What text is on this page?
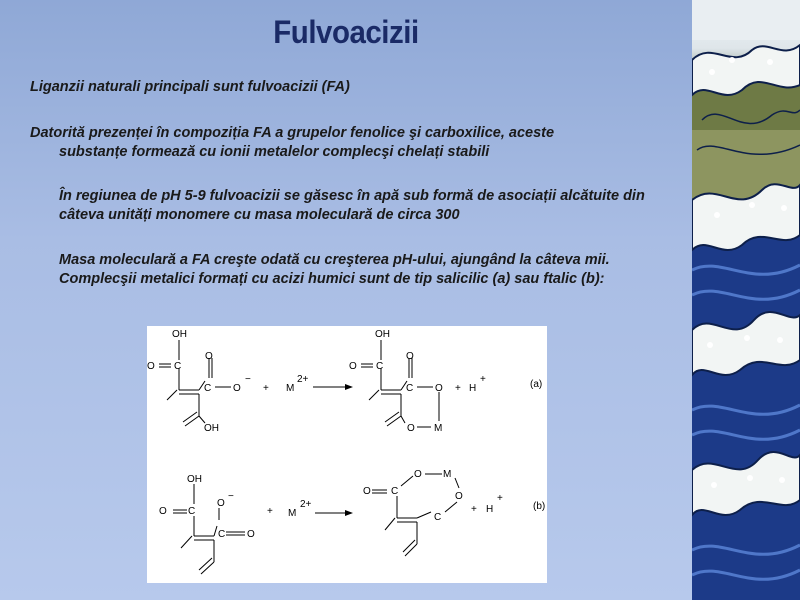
Fulvoacizii
Liganzii naturali principali sunt fulvoacizii (FA)
Datorită prezenței în compoziția FA a grupelor fenolice şi carboxilice, aceste
substanțe formează cu ionii metalelor complecşi chelați stabili
În regiunea de pH 5-9 fulvoacizii se găsesc în apă sub formă de asociații alcătuite din câteva unități monomere cu masa moleculară de circa 300
Masa moleculară a FA creşte odată cu creşterea pH-ului, ajungând la câteva mii.
Complecşii metalici formați cu acizi humici sunt de tip salicilic (a) sau ftalic (b):
OH
O C
O
C O
−
OH
+ M
2+
OH
O C
O
C O
O M
+ H
+	(a)
OH
O C
O
−
C O
+ M
2+
O C
O M
O
C
+ H
+
(b)
